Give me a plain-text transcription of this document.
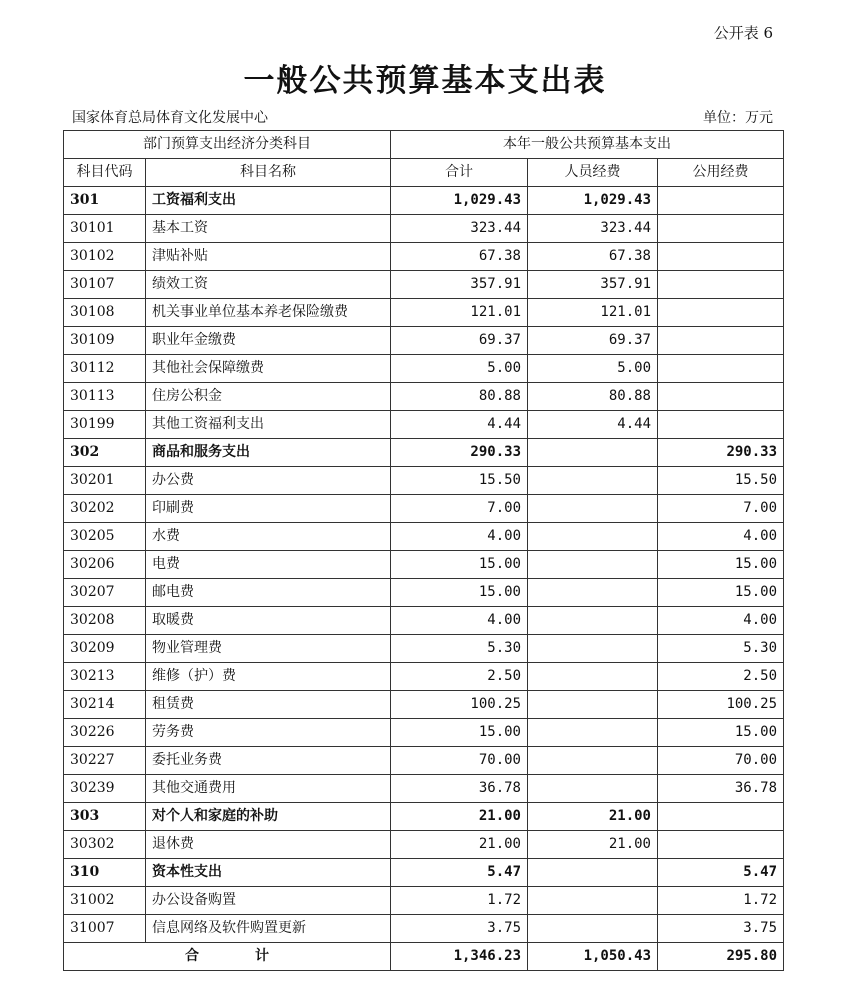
公开表 6
一般公共预算基本支出表
国家体育总局体育文化发展中心	单位：万元
部门预算支出经济分类科目		本年一般公共预算基本支出		
科目代码	科目名称	合计	人员经费	公用经费
301	工资福利支出	1,029.43	1,029.43	
30101	基本工资	323.44	323.44	
30102	津贴补贴	67.38	67.38	
30107	绩效工资	357.91	357.91	
30108	机关事业单位基本养老保险缴费	121.01	121.01	
30109	职业年金缴费	69.37	69.37	
30112	其他社会保障缴费	5.00	5.00	
30113	住房公积金	80.88	80.88	
30199	其他工资福利支出	4.44	4.44	
302	商品和服务支出	290.33		290.33
30201	办公费	15.50		15.50
30202	印刷费	7.00		7.00
30205	水费	4.00		4.00
30206	电费	15.00		15.00
30207	邮电费	15.00		15.00
30208	取暖费	4.00		4.00
30209	物业管理费	5.30		5.30
30213	维修（护）费	2.50		2.50
30214	租赁费	100.25		100.25
30226	劳务费	15.00		15.00
30227	委托业务费	70.00		70.00
30239	其他交通费用	36.78		36.78
303	对个人和家庭的补助	21.00	21.00	
30302	退休费	21.00	21.00	
310	资本性支出	5.47		5.47
31002	办公设备购置	1.72		1.72
31007	信息网络及软件购置更新	3.75		3.75
合 计		1,346.23	1,050.43	295.80
